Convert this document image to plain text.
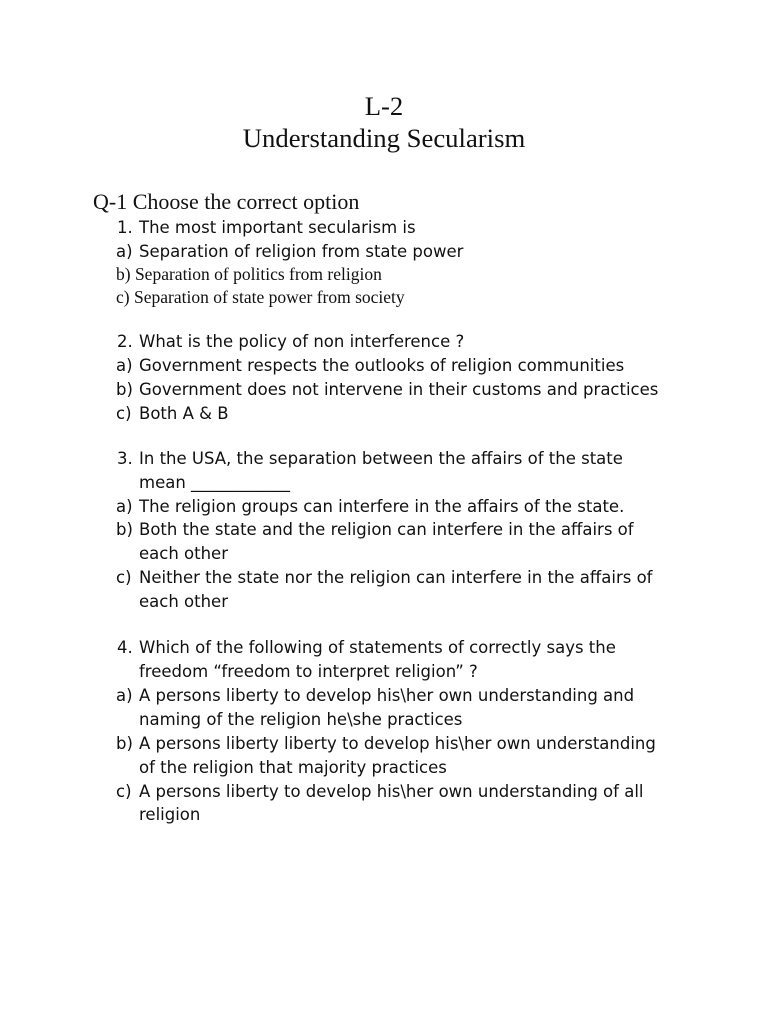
L-2
Understanding Secularism
Q-1 Choose the correct option
1. The most important secularism is
a) Separation of religion from state power
b) Separation of politics from religion
c) Separation of state power from society
2. What is the policy of non interference ?
a) Government respects the outlooks of religion communities
b) Government does not intervene in their customs and practices
c) Both A & B
3. In the USA, the separation between the affairs of the state
mean ____________
a) The religion groups can interfere in the affairs of the state.
b) Both the state and the religion can interfere in the affairs of
each other
c) Neither the state nor the religion can interfere in the affairs of
each other
4. Which of the following of statements of correctly says the
freedom “freedom to interpret religion” ?
a) A persons liberty to develop his\her own understanding and
naming of the religion he\she practices
b) A persons liberty liberty to develop his\her own understanding
of the religion that majority practices
c) A persons liberty to develop his\her own understanding of all
religion
